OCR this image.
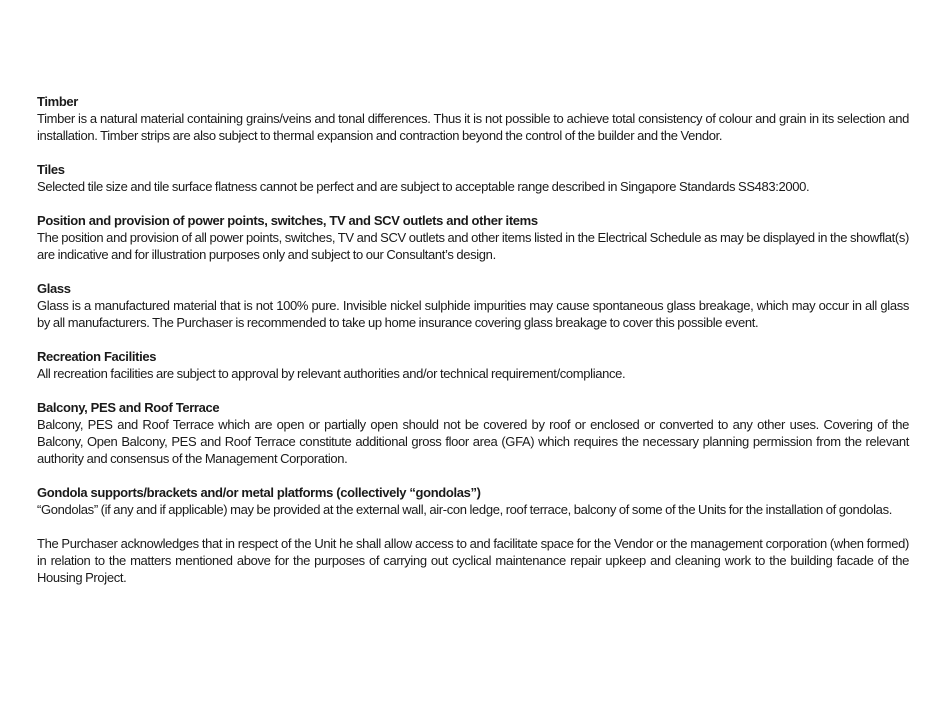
Timber

Timber is a natural material containing grains/veins and tonal differences. Thus it is not possible to achieve total consistency of colour and grain in its selection and installation. Timber strips are also subject to thermal expansion and contraction beyond the control of the builder and the Vendor.

Tiles

Selected tile size and tile surface flatness cannot be perfect and are subject to acceptable range described in Singapore Standards SS483:2000.

Position and provision of power points, switches, TV and SCV outlets and other items

The position and provision of all power points, switches, TV and SCV outlets and other items listed in the Electrical Schedule as may be displayed in the showflat(s) are indicative and for illustration purposes only and subject to our Consultant’s design.

Glass

Glass is a manufactured material that is not 100% pure. Invisible nickel sulphide impurities may cause spontaneous glass breakage, which may occur in all glass by all manufacturers. The Purchaser is recommended to take up home insurance covering glass breakage to cover this possible event.

Recreation Facilities

All recreation facilities are subject to approval by relevant authorities and/or technical requirement/compliance.

Balcony, PES and Roof Terrace

Balcony, PES and Roof Terrace which are open or partially open should not be covered by roof or enclosed or converted to any other uses. Covering of the Balcony, Open Balcony, PES and Roof Terrace constitute additional gross floor area (GFA) which requires the necessary planning permission from the relevant authority and consensus of the Management Corporation.

Gondola supports/brackets and/or metal platforms (collectively “gondolas”)

“Gondolas” (if any and if applicable) may be provided at the external wall, air-con ledge, roof terrace, balcony of some of the Units for the installation of gondolas.

The Purchaser acknowledges that in respect of the Unit he shall allow access to and facilitate space for the Vendor or the management corporation (when formed) in relation to the matters mentioned above for the purposes of carrying out cyclical maintenance repair upkeep and cleaning work to the building facade of the Housing Project.
